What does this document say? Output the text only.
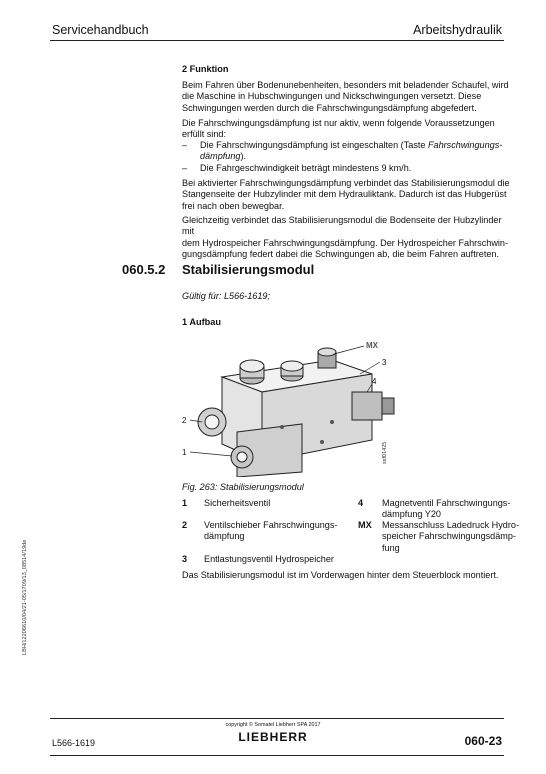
Servicehandbuch	Arbeitshydraulik
2 Funktion
Beim Fahren über Bodenunebenheiten, besonders mit beladender Schaufel, wird
die Maschine in Hubschwingungen und Nickschwingungen versetzt. Diese
Schwingungen werden durch die Fahrschwingungsdämpfung abgefedert.
Die Fahrschwingungsdämpfung ist nur aktiv, wenn folgende Voraussetzungen
erfüllt sind:
– Die Fahrschwingungsdämpfung ist eingeschalten (Taste Fahrschwingungs-
dämpfung).
– Die Fahrgeschwindigkeit beträgt mindestens 9 km/h.
Bei aktivierter Fahrschwingungsdämpfung verbindet das Stabilisierungsmodul die
Stangenseite der Hubzylinder mit dem Hydrauliktank. Dadurch ist das Hubgerüst
frei nach oben bewegbar.
Gleichzeitig verbindet das Stabilisierungsmodul die Bodenseite der Hubzylinder mit
dem Hydrospeicher Fahrschwingungsdämpfung. Der Hydrospeicher Fahrschwin-
gungsdämpfung federt dabei die Schwingungen ab, die beim Fahren auftreten.
060.5.2 Stabilisierungsmodul
Gültig für: L566-1619;
1 Aufbau
MX
3
4
2
1	ssf01425
Fig. 263: Stabilisierungsmodul
1 Sicherheitsventil	4 Magnetventil Fahrschwingungs-
dämpfung Y20
2 Ventilschieber Fahrschwingungs-
dämpfung
MX Messanschluss Ladedruck Hydro-
speicher Fahrschwingungsdämp-
fung
3 Entlastungsventil Hydrospeicher
Das Stabilisierungsmodul ist im Vorderwagen hinter dem Steuerblock montiert.
LBH/12206610/04/21-05/1709/13_08514/19de
copyright © Somatel Liebherr SPA 2017
LIEBHERR
L566-1619	060-23
